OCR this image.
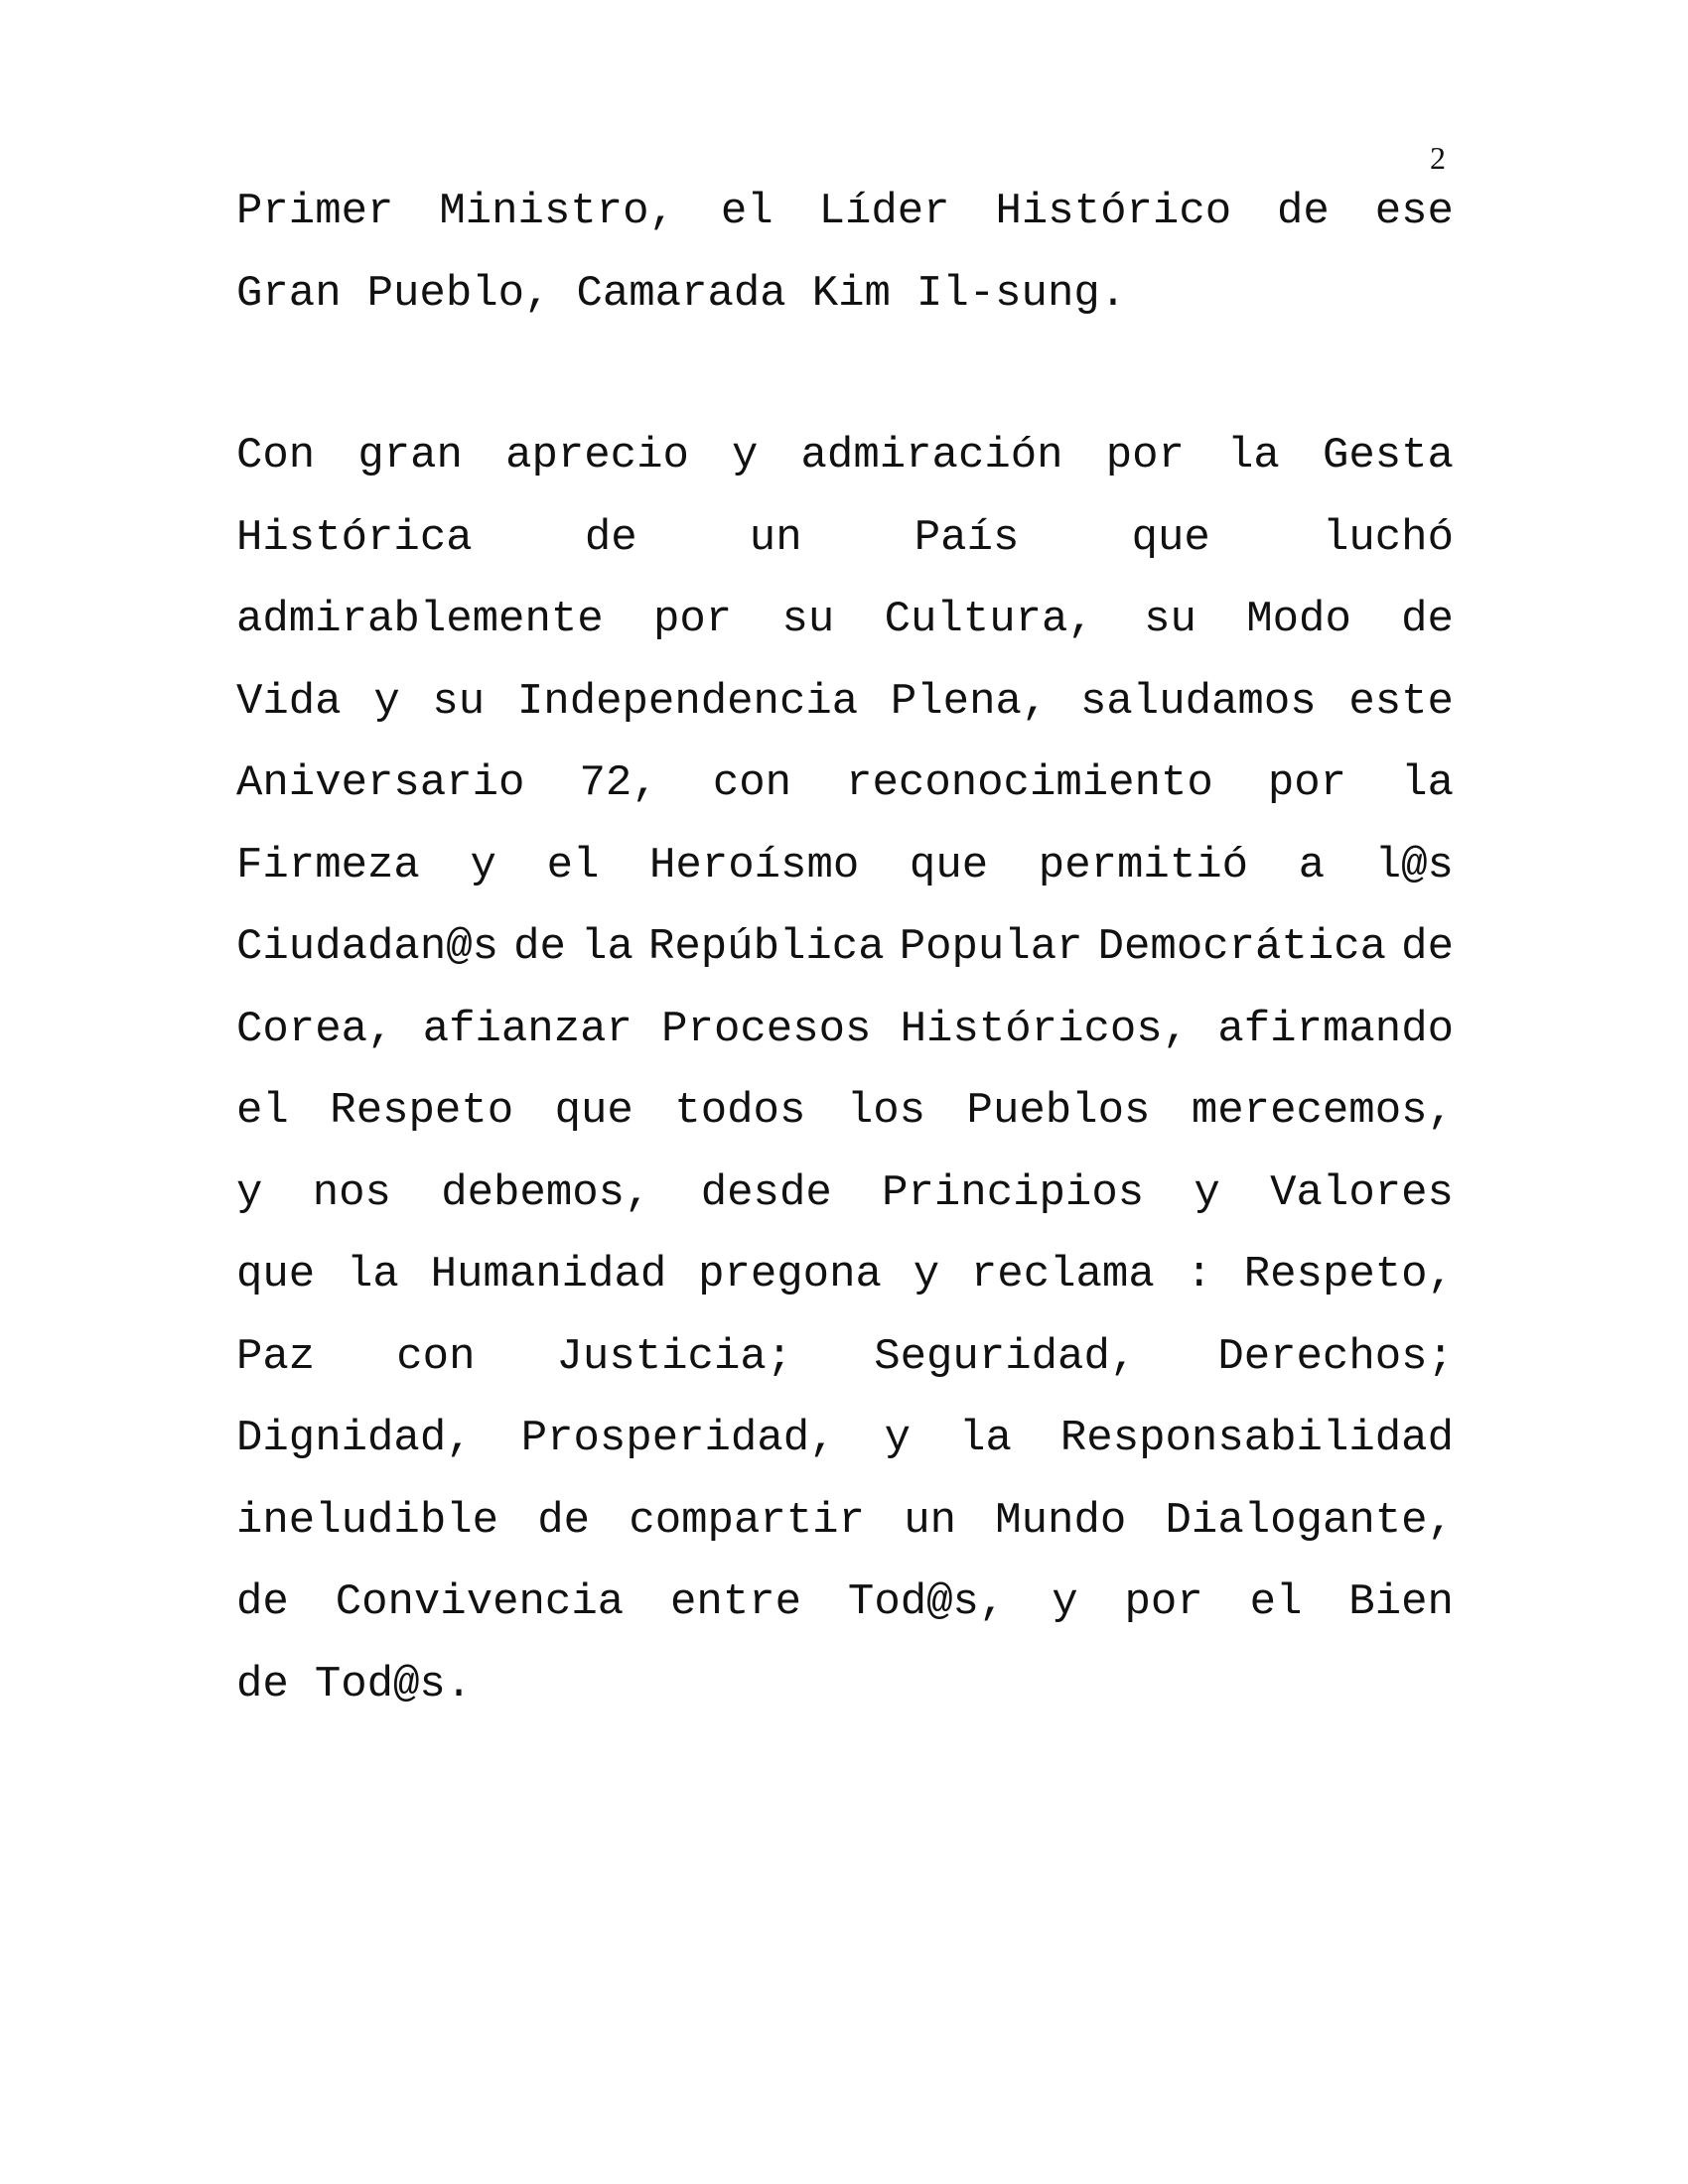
2
Primer Ministro, el Líder Histórico de ese
Gran Pueblo, Camarada Kim Il-sung.
Con gran aprecio y admiración por la Gesta
Histórica	de	un	País	que	luchó
admirablemente por su Cultura, su Modo de
Vida y su Independencia Plena, saludamos este
Aniversario 72, con reconocimiento por la
Firmeza y el Heroísmo que permitió a l@s
Ciudadan@s de la República Popular Democrática de
Corea, afianzar Procesos Históricos, afirmando
el Respeto que todos los Pueblos merecemos,
y nos debemos, desde Principios y Valores
que la Humanidad pregona y reclama : Respeto,
Paz con Justicia; Seguridad, Derechos;
Dignidad, Prosperidad, y la Responsabilidad
ineludible de compartir un Mundo Dialogante,
de Convivencia entre Tod@s, y por el Bien
de Tod@s.
